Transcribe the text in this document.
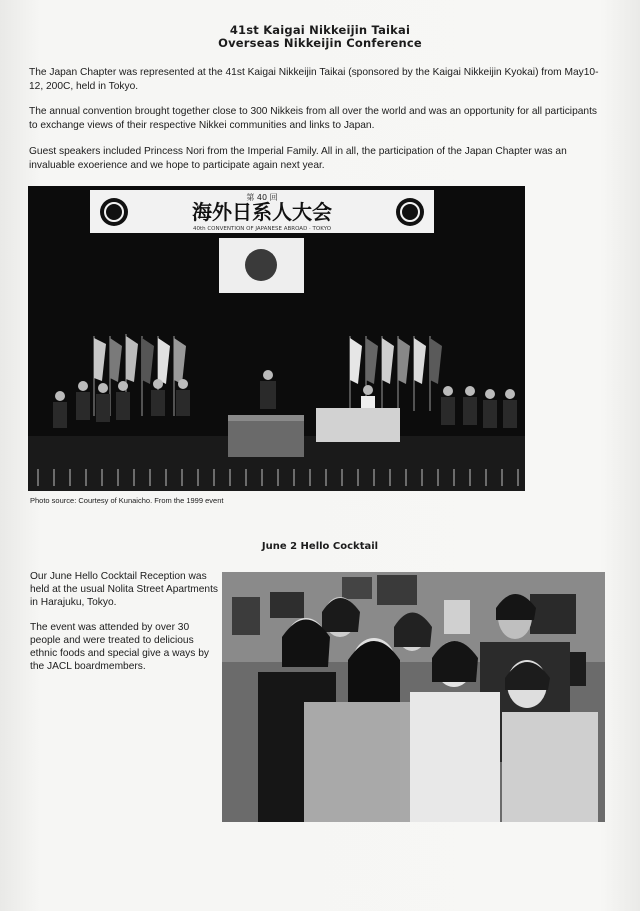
41st Kaigai Nikkeijin Taikai
Overseas Nikkeijin Conference

The Japan Chapter was represented at the 41st Kaigai Nikkeijin Taikai (sponsored by the Kaigai Nikkeijin Kyokai) from May10-12, 200C, held in Tokyo.

The annual convention brought together close to 300 Nikkeis from all over the world and was an opportunity for all participants to exchange views of their respective Nikkei communities and links to Japan.

Guest speakers included Princess Nori from the Imperial Family. All in all, the participation of the Japan Chapter was an invaluable exoerience and we hope to participate again next year.

第 40 回
海外日系人大会
40th CONVENTION OF JAPANESE ABROAD · TOKYO
Photo source: Courtesy of Kunaicho. From the 1999 event
June 2 Hello Cocktail

Our June Hello Cocktail Reception was held at the usual Nolita Street Apartments in Harajuku, Tokyo.

The event was attended by over 30 people and were treated to delicious ethnic foods and special give a ways by the JACL boardmembers.
